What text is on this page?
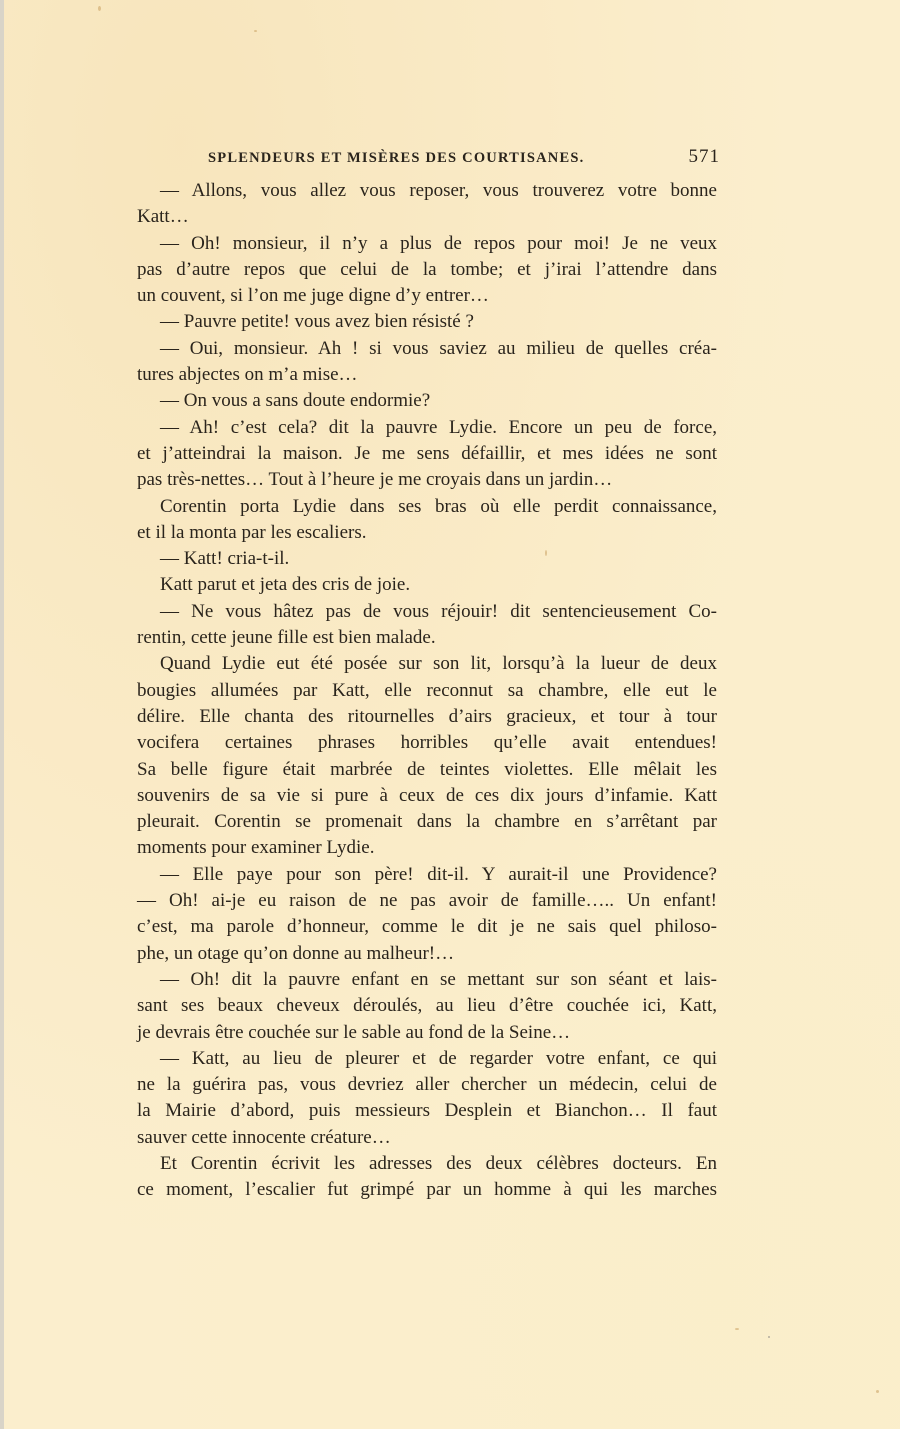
SPLENDEURS ET MISÈRES DES COURTISANES.	571
— Allons, vous allez vous reposer, vous trouverez votre bonne
Katt…
— Oh! monsieur, il n’y a plus de repos pour moi! Je ne veux
pas d’autre repos que celui de la tombe; et j’irai l’attendre dans
un couvent, si l’on me juge digne d’y entrer…
— Pauvre petite! vous avez bien résisté ?
— Oui, monsieur. Ah ! si vous saviez au milieu de quelles créa-
tures abjectes on m’a mise…
— On vous a sans doute endormie?
— Ah! c’est cela? dit la pauvre Lydie. Encore un peu de force,
et j’atteindrai la maison. Je me sens défaillir, et mes idées ne sont
pas très-nettes… Tout à l’heure je me croyais dans un jardin…
Corentin porta Lydie dans ses bras où elle perdit connaissance,
et il la monta par les escaliers.
— Katt! cria-t-il.
Katt parut et jeta des cris de joie.
— Ne vous hâtez pas de vous réjouir! dit sentencieusement Co-
rentin, cette jeune fille est bien malade.
Quand Lydie eut été posée sur son lit, lorsqu’à la lueur de deux
bougies allumées par Katt, elle reconnut sa chambre, elle eut le
délire. Elle chanta des ritournelles d’airs gracieux, et tour à tour
vocifera certaines phrases horribles qu’elle avait entendues!
Sa belle figure était marbrée de teintes violettes. Elle mêlait les
souvenirs de sa vie si pure à ceux de ces dix jours d’infamie. Katt
pleurait. Corentin se promenait dans la chambre en s’arrêtant par
moments pour examiner Lydie.
— Elle paye pour son père! dit-il. Y aurait-il une Providence?
— Oh! ai-je eu raison de ne pas avoir de famille….. Un enfant!
c’est, ma parole d’honneur, comme le dit je ne sais quel philoso-
phe, un otage qu’on donne au malheur!…
— Oh! dit la pauvre enfant en se mettant sur son séant et lais-
sant ses beaux cheveux déroulés, au lieu d’être couchée ici, Katt,
je devrais être couchée sur le sable au fond de la Seine…
— Katt, au lieu de pleurer et de regarder votre enfant, ce qui
ne la guérira pas, vous devriez aller chercher un médecin, celui de
la Mairie d’abord, puis messieurs Desplein et Bianchon… Il faut
sauver cette innocente créature…
Et Corentin écrivit les adresses des deux célèbres docteurs. En
ce moment, l’escalier fut grimpé par un homme à qui les marches
